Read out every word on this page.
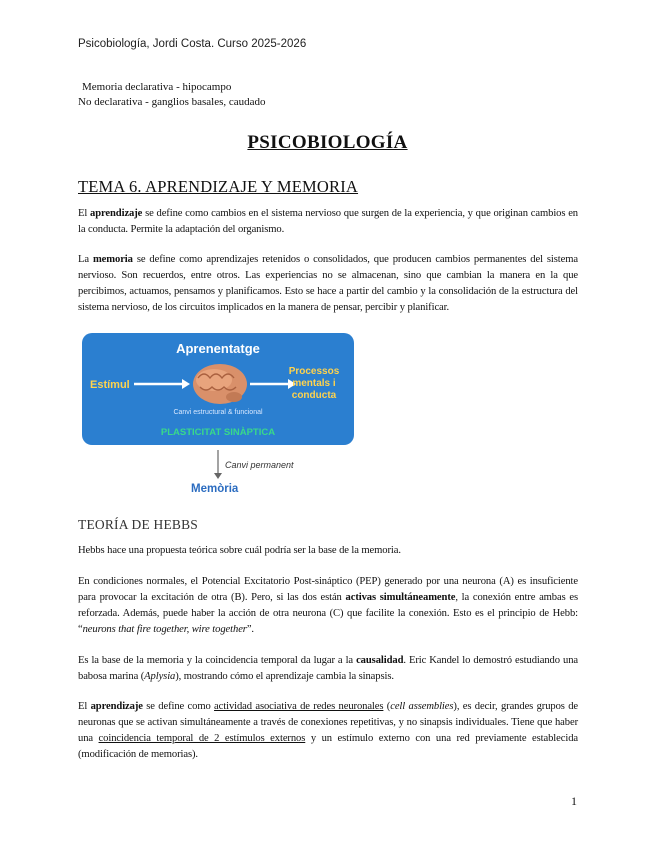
Psicobiología, Jordi Costa. Curso 2025-2026
Memoria declarativa - hipocampo
No declarativa - ganglios basales, caudado
PSICOBIOLOGÍA
TEMA 6. APRENDIZAJE Y MEMORIA

El aprendizaje se define como cambios en el sistema nervioso que surgen de la experiencia, y que originan cambios en la conducta. Permite la adaptación del organismo.

La memoria se define como aprendizajes retenidos o consolidados, que producen cambios permanentes del sistema nervioso. Son recuerdos, entre otros. Las experiencias no se almacenan, sino que cambian la manera en la que percibimos, actuamos, pensamos y planificamos. Esto se hace a partir del cambio y la consolidación de la estructura del sistema nervioso, de los circuitos implicados en la manera de pensar, percibir y planificar.

Aprenentatge
Estímul
Processos mentals i conducta
Canvi estructural & funcional
PLASTICITAT SINÀPTICA
Canvi permanent
Memòria
TEORÍA DE HEBBS

Hebbs hace una propuesta teórica sobre cuál podría ser la base de la memoria.

En condiciones normales, el Potencial Excitatorio Post-sináptico (PEP) generado por una neurona (A) es insuficiente para provocar la excitación de otra (B). Pero, si las dos están activas simultáneamente, la conexión entre ambas es reforzada. Además, puede haber la acción de otra neurona (C) que facilite la conexión. Esto es el principio de Hebb: “neurons that fire together, wire together”.

Es la base de la memoria y la coincidencia temporal da lugar a la causalidad. Eric Kandel lo demostró estudiando una babosa marina (Aplysia), mostrando cómo el aprendizaje cambia la sinapsis.

El aprendizaje se define como actividad asociativa de redes neuronales (cell assemblies), es decir, grandes grupos de neuronas que se activan simultáneamente a través de conexiones repetitivas, y no sinapsis individuales. Tiene que haber una coincidencia temporal de 2 estímulos externos y un estímulo externo con una red previamente establecida (modificación de memorias).

1
